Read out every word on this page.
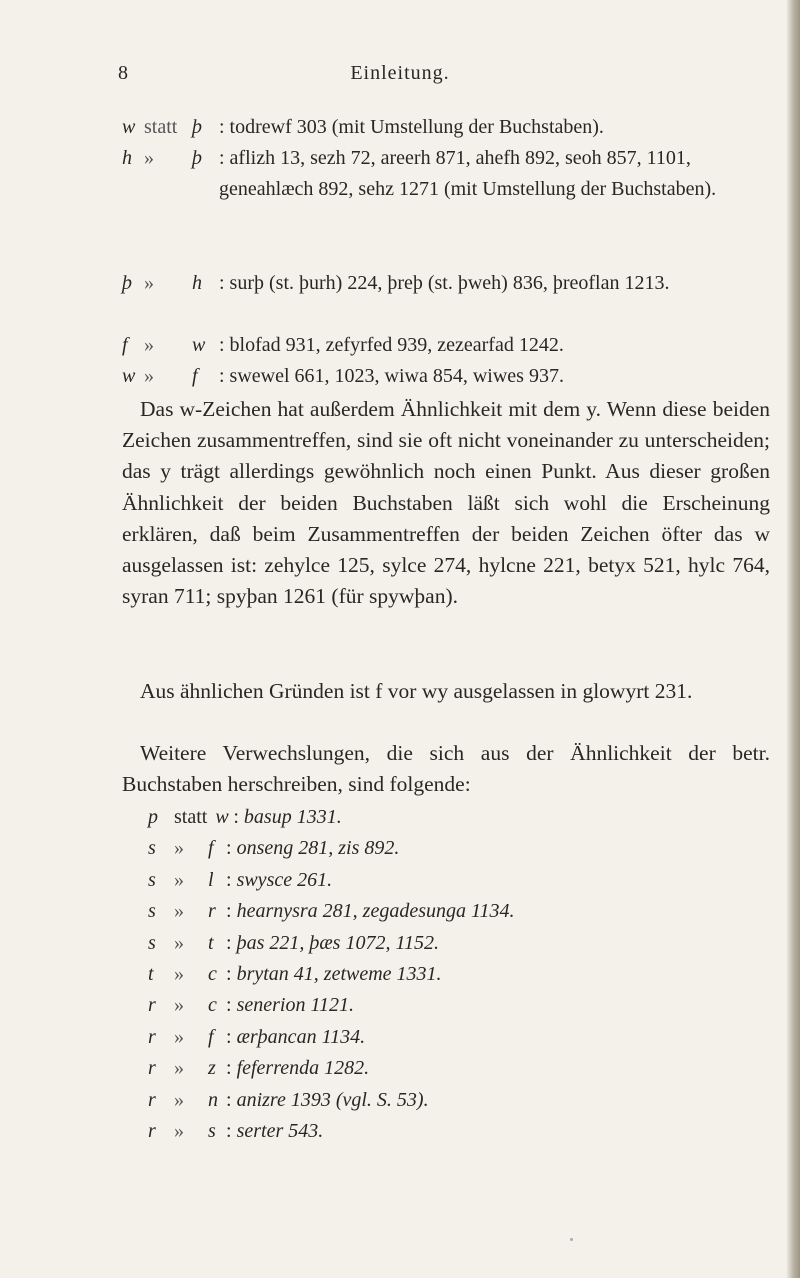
8	Einleitung.
w statt þ : todrewf 303 (mit Umstellung der Buchstaben).
h » þ : aflizh 13, sezh 72, areerh 871, ahefh 892, seoh 857, 1101, geneahlæch 892, sehz 1271 (mit Umstellung der Buchstaben).
þ » h : surþ (st. þurh) 224, þreþ (st. þweh) 836, þreoflan 1213.
f » w : blofad 931, zefyrfed 939, zezearfad 1242.
w » f	: swewel 661, 1023, wiwa 854, wiwes 937.
Das w-Zeichen hat außerdem Ähnlichkeit mit dem y. Wenn diese beiden Zeichen zusammentreffen, sind sie oft nicht voneinander zu unterscheiden; das y trägt allerdings gewöhnlich noch einen Punkt. Aus dieser großen Ähnlichkeit der beiden Buchstaben läßt sich wohl die Erscheinung erklären, daß beim Zusammentreffen der beiden Zeichen öfter das w ausgelassen ist: zehylce 125, sylce 274, hylcne 221, betyx 521, hylc 764, syran 711; spyþan 1261 (für spywþan).
Aus ähnlichen Gründen ist f vor wy ausgelassen in glowyrt 231.
Weitere Verwechslungen, die sich aus der Ähnlichkeit der betr. Buchstaben herschreiben, sind folgende:
p statt w : basup 1331.
s » f : onseng 281, zis 892.
s » l : swysce 261.
s » r : hearnysra 281, zegadesunga 1134.
s » t : þas 221, þæs 1072, 1152.
t » c : brytan 41, zetweme 1331.
r » c : senerion 1121.
r » f : ærþancan 1134.
r » z : feferrenda 1282.
r » n : anizre 1393 (vgl. S. 53).
r » s : serter 543.
